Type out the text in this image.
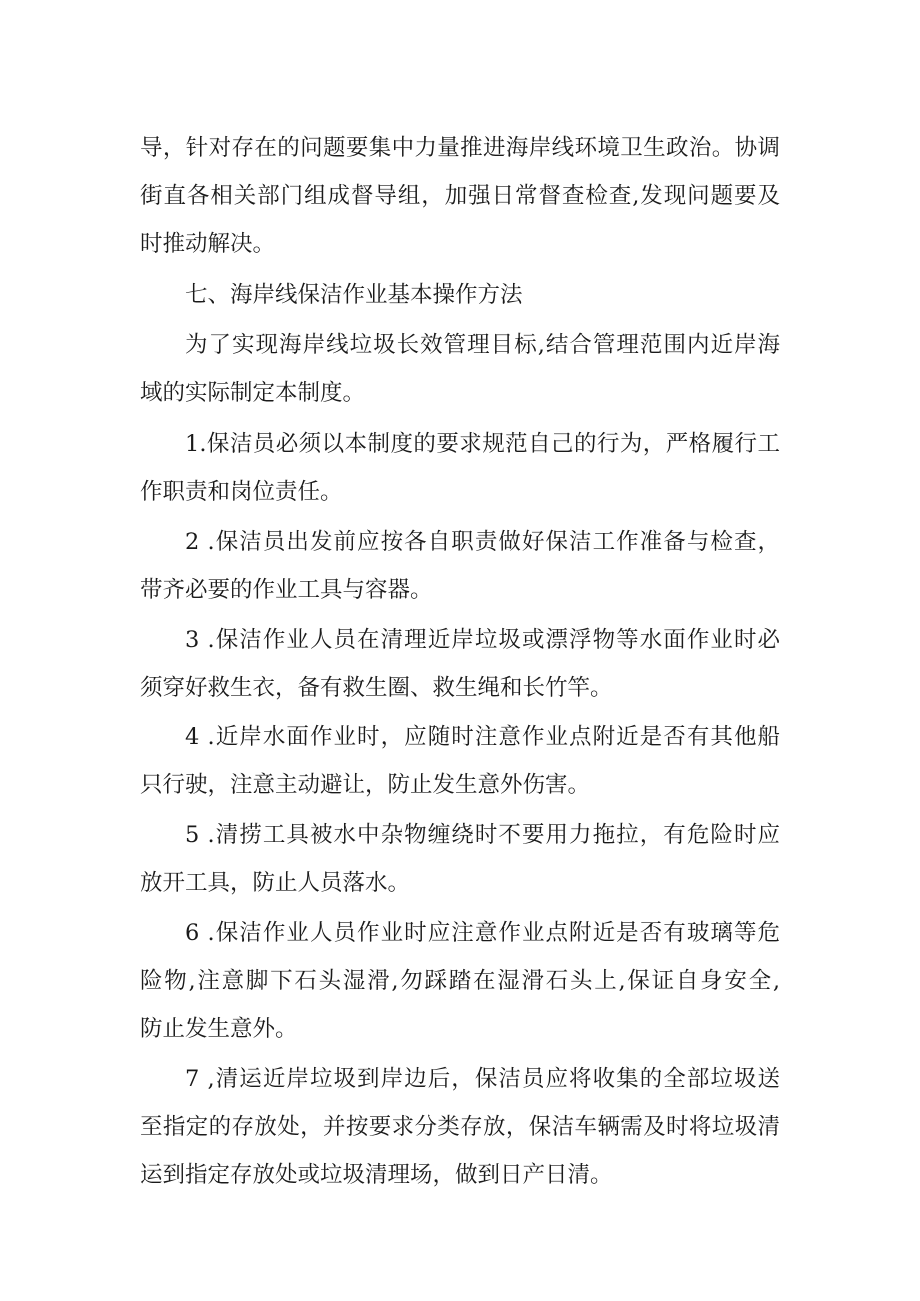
导，针对存在的问题要集中力量推进海岸线环境卫生政治。协调
街直各相关部门组成督导组，加强日常督查检查,发现问题要及
时推动解决。
七、海岸线保洁作业基本操作方法
为了实现海岸线垃圾长效管理目标,结合管理范围内近岸海
域的实际制定本制度。
1.保洁员必须以本制度的要求规范自己的行为，严格履行工
作职责和岗位责任。
2 .保洁员出发前应按各自职责做好保洁工作准备与检查，
带齐必要的作业工具与容器。
3 .保洁作业人员在清理近岸垃圾或漂浮物等水面作业时必
须穿好救生衣，备有救生圈、救生绳和长竹竿。
4 .近岸水面作业时，应随时注意作业点附近是否有其他船
只行驶，注意主动避让，防止发生意外伤害。
5 .清捞工具被水中杂物缠绕时不要用力拖拉，有危险时应
放开工具，防止人员落水。
6 .保洁作业人员作业时应注意作业点附近是否有玻璃等危
险物,注意脚下石头湿滑,勿踩踏在湿滑石头上,保证自身安全,
防止发生意外。
7 ,清运近岸垃圾到岸边后，保洁员应将收集的全部垃圾送
至指定的存放处，并按要求分类存放，保洁车辆需及时将垃圾清
运到指定存放处或垃圾清理场，做到日产日清。
